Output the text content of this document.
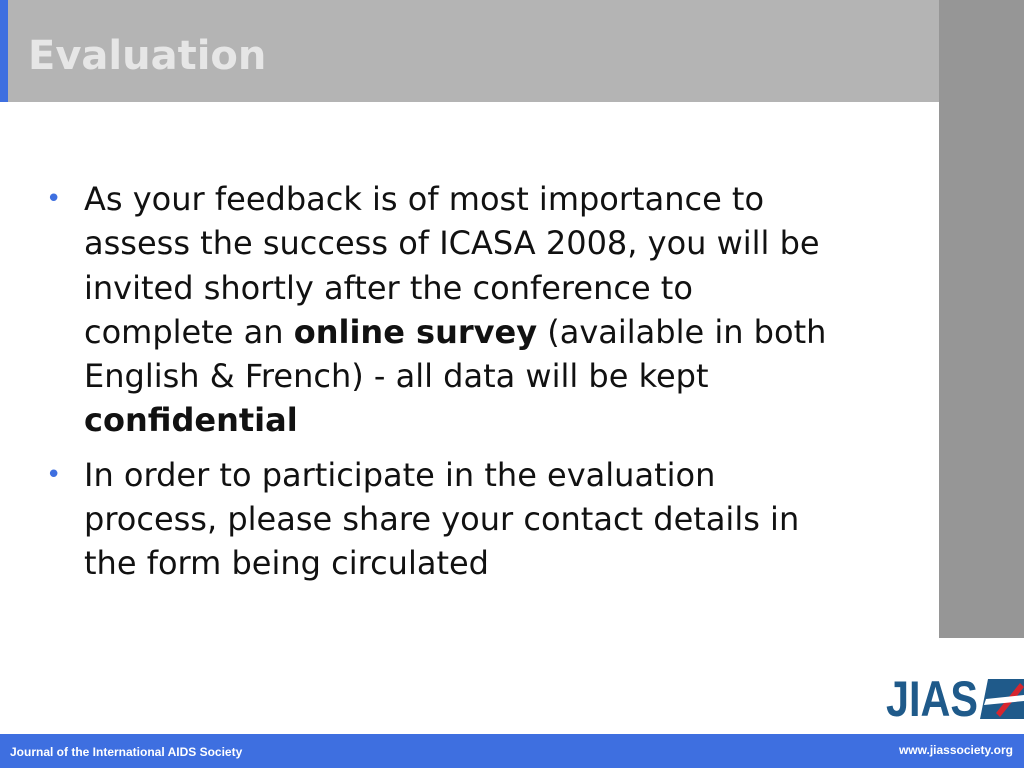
Evaluation
• As your feedback is of most importance to assess the success of ICASA 2008, you will be invited shortly after the conference to complete an online survey (available in both English & French) - all data will be kept confidential
• In order to participate in the evaluation process, please share your contact details in the form being circulated
JIAS
Journal of the International AIDS Society	www.jiassociety.org
